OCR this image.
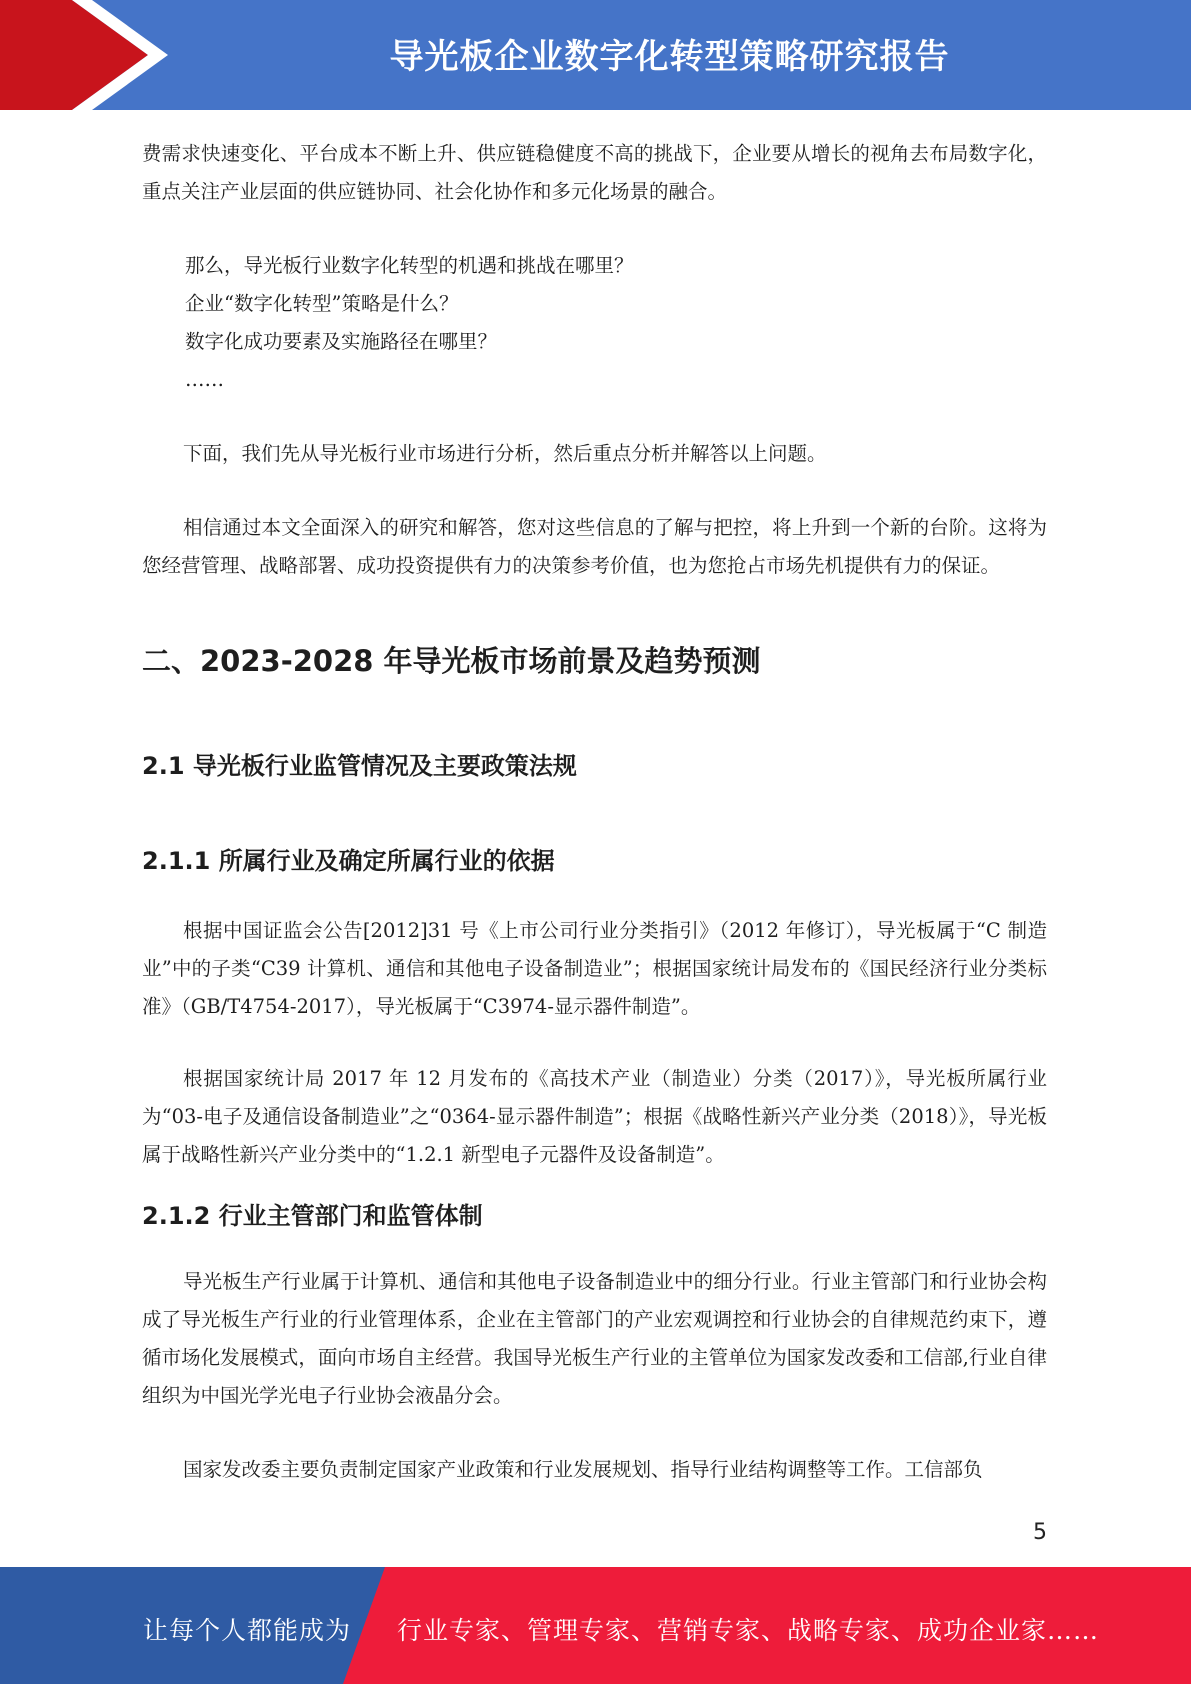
导光板企业数字化转型策略研究报告

费需求快速变化、平台成本不断上升、供应链稳健度不高的挑战下，企业要从增长的视角去布局数字化，重点关注产业层面的供应链协同、社会化协作和多元化场景的融合。

那么，导光板行业数字化转型的机遇和挑战在哪里？
企业“数字化转型”策略是什么？
数字化成功要素及实施路径在哪里？
……

下面，我们先从导光板行业市场进行分析，然后重点分析并解答以上问题。

相信通过本文全面深入的研究和解答，您对这些信息的了解与把控，将上升到一个新的台阶。这将为您经营管理、战略部署、成功投资提供有力的决策参考价值，也为您抢占市场先机提供有力的保证。

二、2023-2028 年导光板市场前景及趋势预测
2.1 导光板行业监管情况及主要政策法规
2.1.1 所属行业及确定所属行业的依据

根据中国证监会公告[2012]31 号《上市公司行业分类指引》（2012 年修订），导光板属于“C 制造业”中的子类“C39 计算机、通信和其他电子设备制造业”；根据国家统计局发布的《国民经济行业分类标准》（GB/T4754-2017），导光板属于“C3974-显示器件制造”。

根据国家统计局 2017 年 12 月发布的《高技术产业（制造业）分类（2017）》，导光板所属行业为“03-电子及通信设备制造业”之“0364-显示器件制造”；根据《战略性新兴产业分类（2018）》，导光板属于战略性新兴产业分类中的“1.2.1 新型电子元器件及设备制造”。

2.1.2 行业主管部门和监管体制

导光板生产行业属于计算机、通信和其他电子设备制造业中的细分行业。行业主管部门和行业协会构成了导光板生产行业的行业管理体系，企业在主管部门的产业宏观调控和行业协会的自律规范约束下，遵循市场化发展模式，面向市场自主经营。我国导光板生产行业的主管单位为国家发改委和工信部,行业自律组织为中国光学光电子行业协会液晶分会。

国家发改委主要负责制定国家产业政策和行业发展规划、指导行业结构调整等工作。工信部负

5
让每个人都能成为 行业专家、管理专家、营销专家、战略专家、成功企业家……
